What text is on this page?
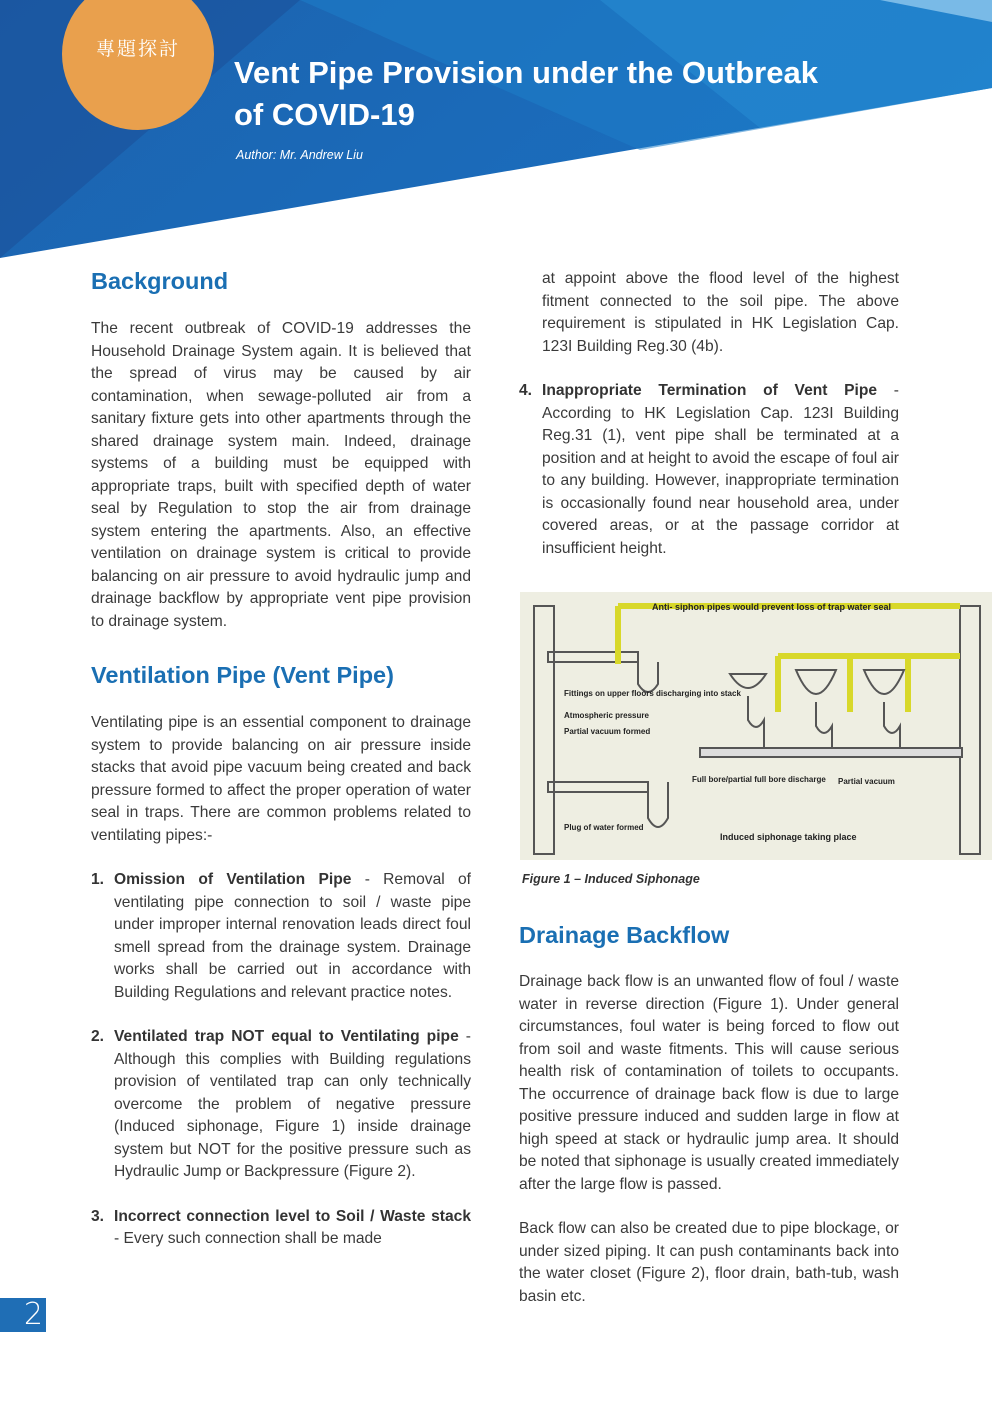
專題探討
Vent Pipe Provision under the Outbreak
of COVID-19
Author: Mr. Andrew Liu
Background

The recent outbreak of COVID-19 addresses the Household Drainage System again. It is believed that the spread of virus may be caused by air contamination, when sewage-polluted air from a sanitary fixture gets into other apartments through the shared drainage system main. Indeed, drainage systems of a building must be equipped with appropriate traps, built with specified depth of water seal by Regulation to stop the air from drainage system entering the apartments. Also, an effective ventilation on drainage system is critical to provide balancing on air pressure to avoid hydraulic jump and drainage backflow by appropriate vent pipe provision to drainage system.

Ventilation Pipe (Vent Pipe)

Ventilating pipe is an essential component to drainage system to provide balancing on air pressure inside stacks that avoid pipe vacuum being created and back pressure formed to affect the proper operation of water seal in traps. There are common problems related to ventilating pipes:-

1. Omission of Ventilation Pipe - Removal of ventilating pipe connection to soil / waste pipe under improper internal renovation leads direct foul smell spread from the drainage system. Drainage works shall be carried out in accordance with Building Regulations and relevant practice notes.
2. Ventilated trap NOT equal to Ventilating pipe - Although this complies with Building regulations provision of ventilated trap can only technically overcome the problem of negative pressure (Induced siphonage, Figure 1) inside drainage system but NOT for the positive pressure such as Hydraulic Jump or Backpressure (Figure 2).
3. Incorrect connection level to Soil / Waste stack - Every such connection shall be made
at appoint above the flood level of the highest fitment connected to the soil pipe. The above requirement is stipulated in HK Legislation Cap. 123I Building Reg.30 (4b).
4. Inappropriate Termination of Vent Pipe - According to HK Legislation Cap. 123I Building Reg.31 (1), vent pipe shall be terminated at a position and at height to avoid the escape of foul air to any building. However, inappropriate termination is occasionally found near household area, under covered areas, or at the passage corridor at insufficient height.
Anti- siphon pipes would prevent loss of trap water seal
Fittings on upper floors discharging into stack
Atmospheric pressure
Partial vacuum formed
Full bore/partial full bore discharge Partial vacuum
Plug of water formed
Induced siphonage taking place
Figure 1 – Induced Siphonage
Drainage Backflow

Drainage back flow is an unwanted flow of foul / waste water in reverse direction (Figure 1). Under general circumstances, foul water is being forced to flow out from soil and waste fitments. This will cause serious health risk of contamination of toilets to occupants. The occurrence of drainage back flow is due to large positive pressure induced and sudden large in flow at high speed at stack or hydraulic jump area. It should be noted that siphonage is usually created immediately after the large flow is passed.

Back flow can also be created due to pipe blockage, or under sized piping. It can push contaminants back into the water closet (Figure 2), floor drain, bath-tub, wash basin etc.

2
